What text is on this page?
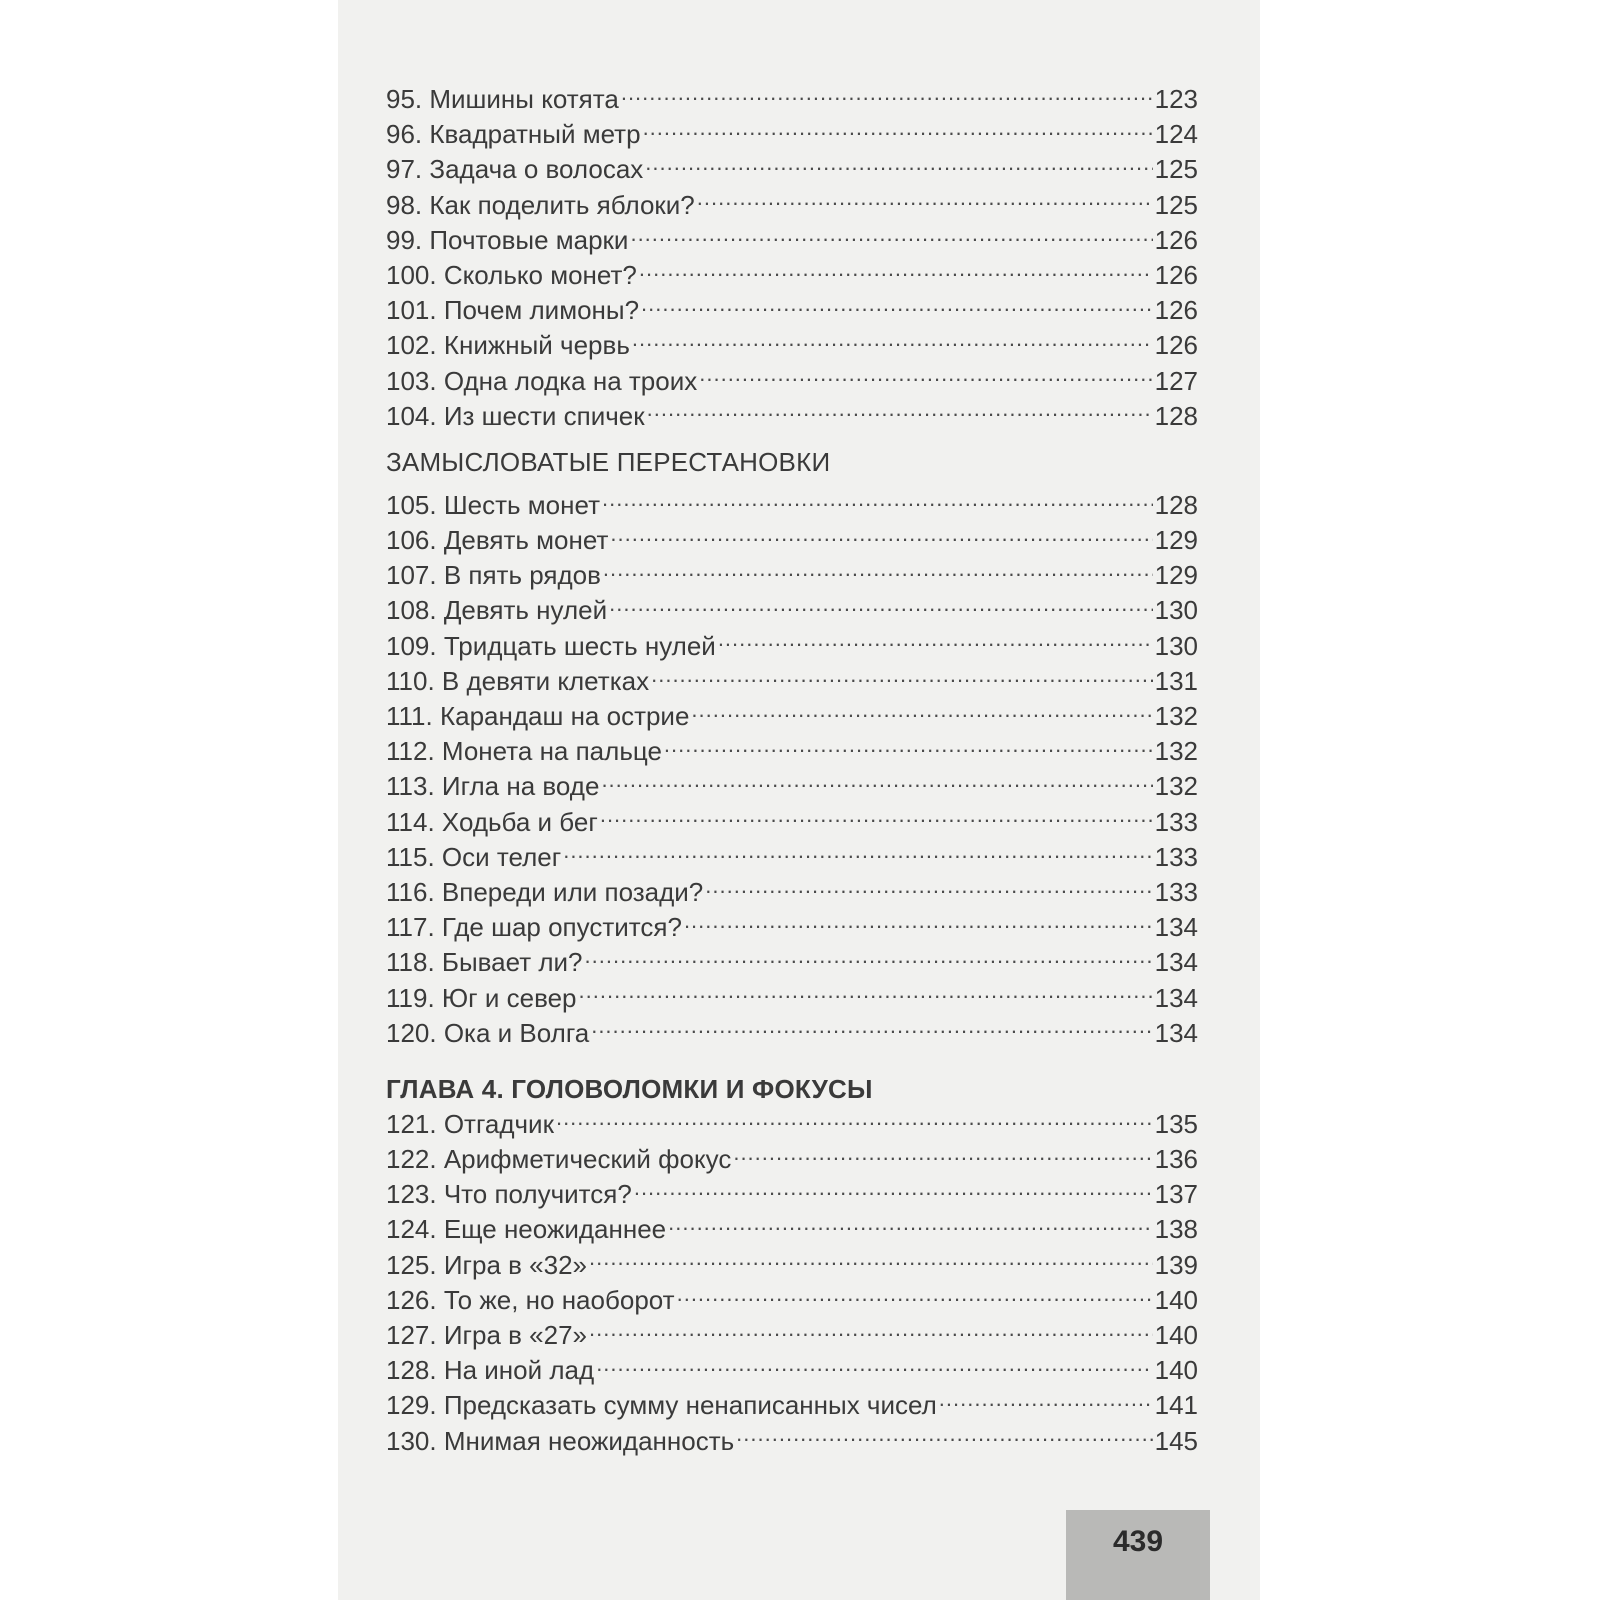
95. Мишины котята .....	123
96. Квадратный метр .....	124
97. Задача о волосах .....	125
98. Как поделить яблоки? .....	125
99. Почтовые марки .....	126
100. Сколько монет? .....	126
101. Почем лимоны? .....	126
102. Книжный червь .....	126
103. Одна лодка на троих .....	127
104. Из шести спичек .....	128
ЗАМЫСЛОВАТЫЕ ПЕРЕСТАНОВКИ
105. Шесть монет .....	128
106. Девять монет .....	129
107. В пять рядов .....	129
108. Девять нулей .....	130
109. Тридцать шесть нулей .....	130
110. В девяти клетках .....	131
111. Карандаш на острие .....	132
112. Монета на пальце .....	132
113. Игла на воде .....	132
114. Ходьба и бег .....	133
115. Оси телег .....	133
116. Впереди или позади? .....	133
117. Где шар опустится? .....	134
118. Бывает ли? .....	134
119. Юг и север .....	134
120. Ока и Волга .....	134
ГЛАВА 4. ГОЛОВОЛОМКИ И ФОКУСЫ
121. Отгадчик .....	135
122. Арифметический фокус .....	136
123. Что получится? .....	137
124. Еще неожиданнее .....	138
125. Игра в «32» .....	139
126. То же, но наоборот .....	140
127. Игра в «27» .....	140
128. На иной лад .....	140
129. Предсказать сумму ненаписанных чисел .....	141
130. Мнимая неожиданность .....	145
439
